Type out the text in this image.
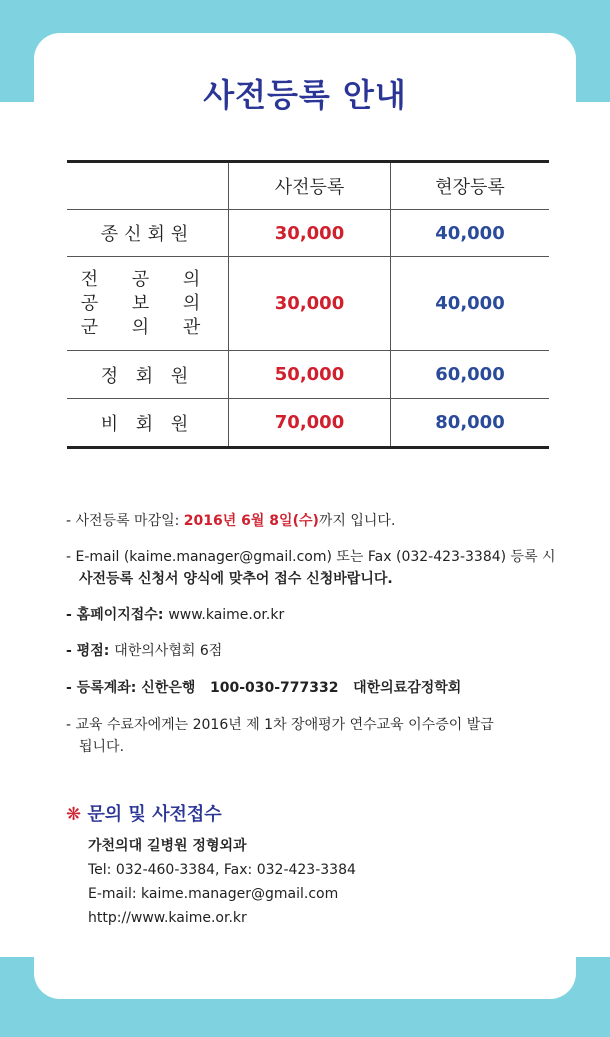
사전등록 안내
	사전등록	현장등록
종신회원	30,000	40,000

전 공 의
공 보 의
군 의 관	30,000	40,000
정 회 원	50,000	60,000
비 회 원	70,000	80,000
- 사전등록 마감일: 2016년 6월 8일(수)까지 입니다.
- E-mail (kaime.manager@gmail.com) 또는 Fax (032-423-3384) 등록 시
사전등록 신청서 양식에 맞추어 접수 신청바랍니다.
- 홈페이지접수: www.kaime.or.kr
- 평점: 대한의사협회 6점
- 등록계좌: 신한은행   100-030-777332   대한의료감정학회
- 교육 수료자에게는 2016년 제 1차 장애평가 연수교육 이수증이 발급
됩니다.
❋ 문의 및 사전접수
가천의대 길병원 정형외과
Tel: 032-460-3384, Fax: 032-423-3384
E-mail: kaime.manager@gmail.com
http://www.kaime.or.kr
